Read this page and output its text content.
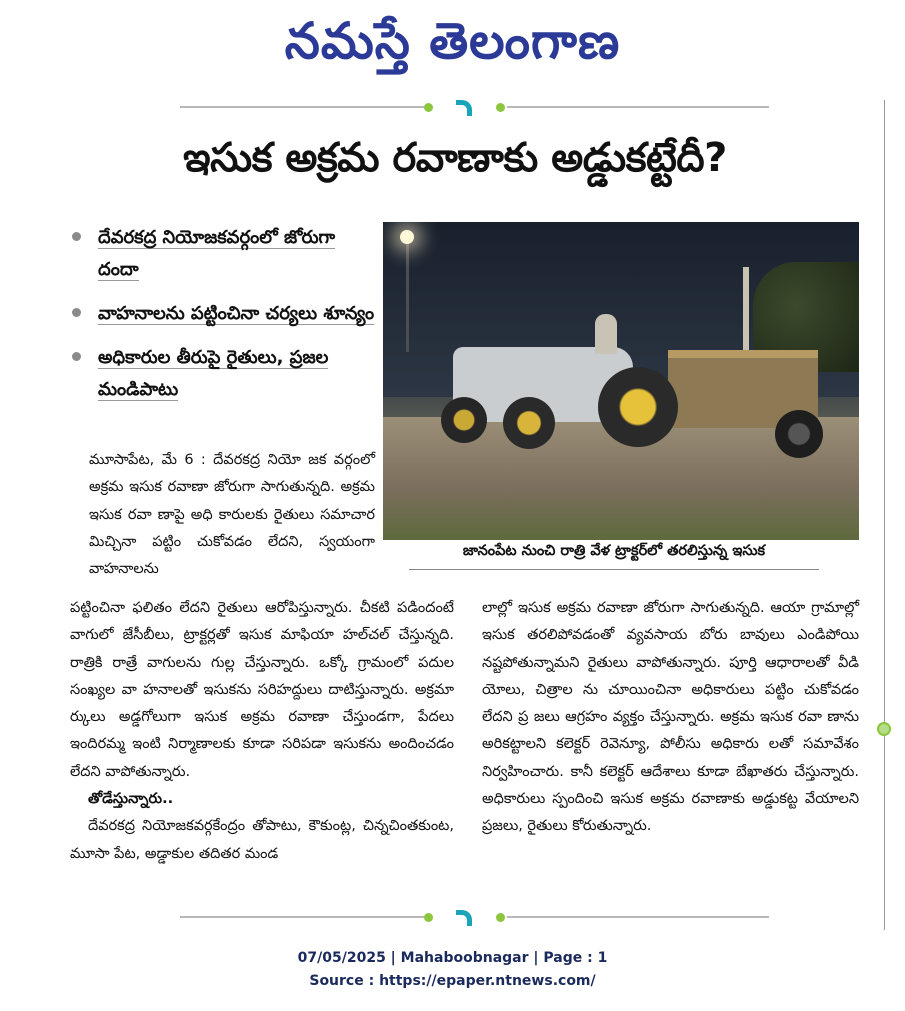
నమస్తే తెలంగాణ
ఇసుక అక్రమ రవాణాకు అడ్డుకట్టేదీ?
దేవరకద్ర నియోజకవర్గంలో జోరుగా దందా
వాహనాలను పట్టించినా చర్యలు శూన్యం
అధికారుల తీరుపై రైతులు, ప్రజల మండిపాటు
జానంపేట నుంచి రాత్రి వేళ ట్రాక్టర్‌లో తరలిస్తున్న ఇసుక
మూసాపేట, మే 6 : దేవరకద్ర నియో జక వర్గంలో అక్రమ ఇసుక రవాణా జోరుగా సాగుతున్నది. అక్రమ ఇసుక రవా ణాపై అధి కారులకు రైతులు సమాచార మిచ్చినా పట్టిం చుకోవడం లేదని, స్వయంగా వాహనాలను
పట్టించినా ఫలితం లేదని రైతులు ఆరోపిస్తున్నారు. చీకటి పడిందంటే వాగులో జేసీబీలు, ట్రాక్టర్లతో ఇసుక మాఫియా హల్‌చల్ చేస్తున్నది. రాత్రికి రాత్రే వాగులను గుల్ల చేస్తున్నారు. ఒక్కో గ్రామంలో పదుల సంఖ్యల వా హనాలతో ఇసుకను సరిహద్దులు దాటిస్తున్నారు. అక్రమా ర్కులు అడ్డగోలుగా ఇసుక అక్రమ రవాణా చేస్తుండగా, పేదలు ఇందిరమ్మ ఇంటి నిర్మాణాలకు కూడా సరిపడా ఇసుకను అందించడం లేదని వాపోతున్నారు.
తోడేస్తున్నారు..
దేవరకద్ర నియోజకవర్గకేంద్రం తోపాటు, కౌకుంట్ల, చిన్నచింతకుంట, మూసా పేట, అడ్డాకుల తదితర మండ
లాల్లో ఇసుక అక్రమ రవాణా జోరుగా సాగుతున్నది. ఆయా గ్రామాల్లో ఇసుక తరలిపోవడంతో వ్యవసాయ బోరు బావులు ఎండిపోయి నష్టపోతున్నామని రైతులు వాపోతున్నారు. పూర్తి ఆధారాలతో వీడి యోలు, చిత్రాల ను చూయించినా అధికారులు పట్టిం చుకోవడం లేదని ప్ర జలు ఆగ్రహం వ్యక్తం చేస్తున్నారు. అక్రమ ఇసుక రవా ణాను అరికట్టాలని కలెక్టర్ రెవెన్యూ, పోలీసు అధికారు లతో సమావేశం నిర్వహించారు. కానీ కలెక్టర్ ఆదేశాలు కూడా బేఖాతరు చేస్తున్నారు. అధికారులు స్పందించి ఇసుక అక్రమ రవాణాకు అడ్డుకట్ట వేయాలని ప్రజలు, రైతులు కోరుతున్నారు.
07/05/2025 | Mahaboobnagar | Page : 1
Source : https://epaper.ntnews.com/
